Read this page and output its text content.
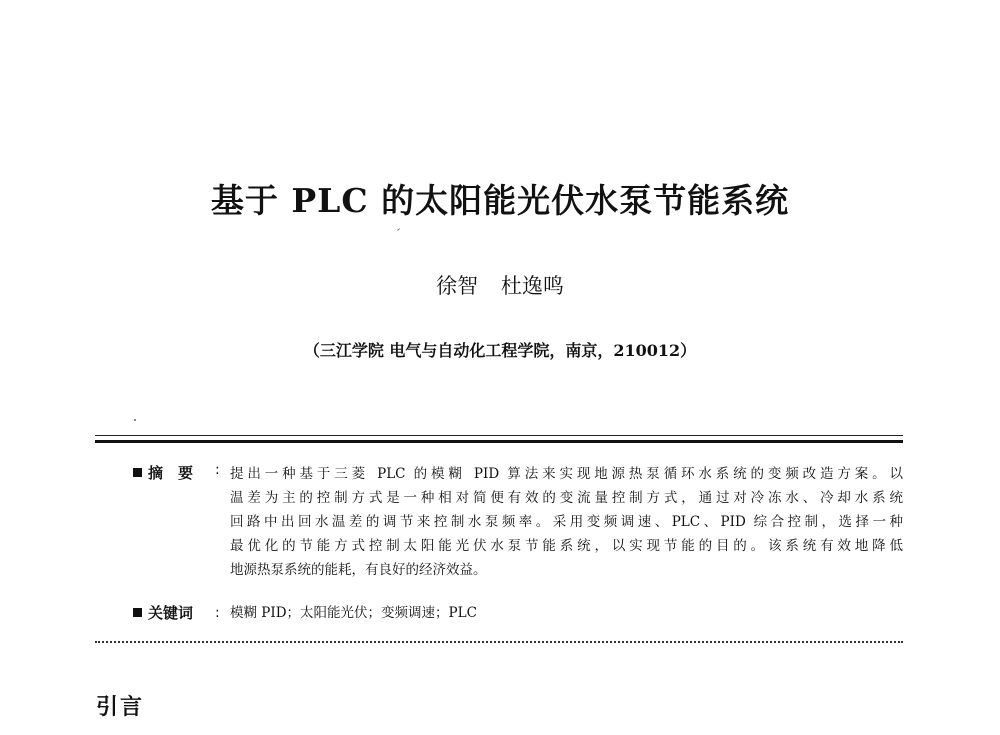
基于 PLC 的太阳能光伏水泵节能系统
徐智 杜逸鸣
（三江学院 电气与自动化工程学院，南京，210012）
摘　要 : 提出一种基于三菱 PLC 的模糊 PID 算法来实现地源热泵循环水系统的变频改造方案。以
温差为主的控制方式是一种相对简便有效的变流量控制方式，通过对冷冻水、冷却水系统
回路中出回水温差的调节来控制水泵频率。采用变频调速、PLC、PID 综合控制，选择一种
最优化的节能方式控制太阳能光伏水泵节能系统，以实现节能的目的。该系统有效地降低
地源热泵系统的能耗，有良好的经济效益。
关键词 : 模糊 PID；太阳能光伏；变频调速；PLC
引言
